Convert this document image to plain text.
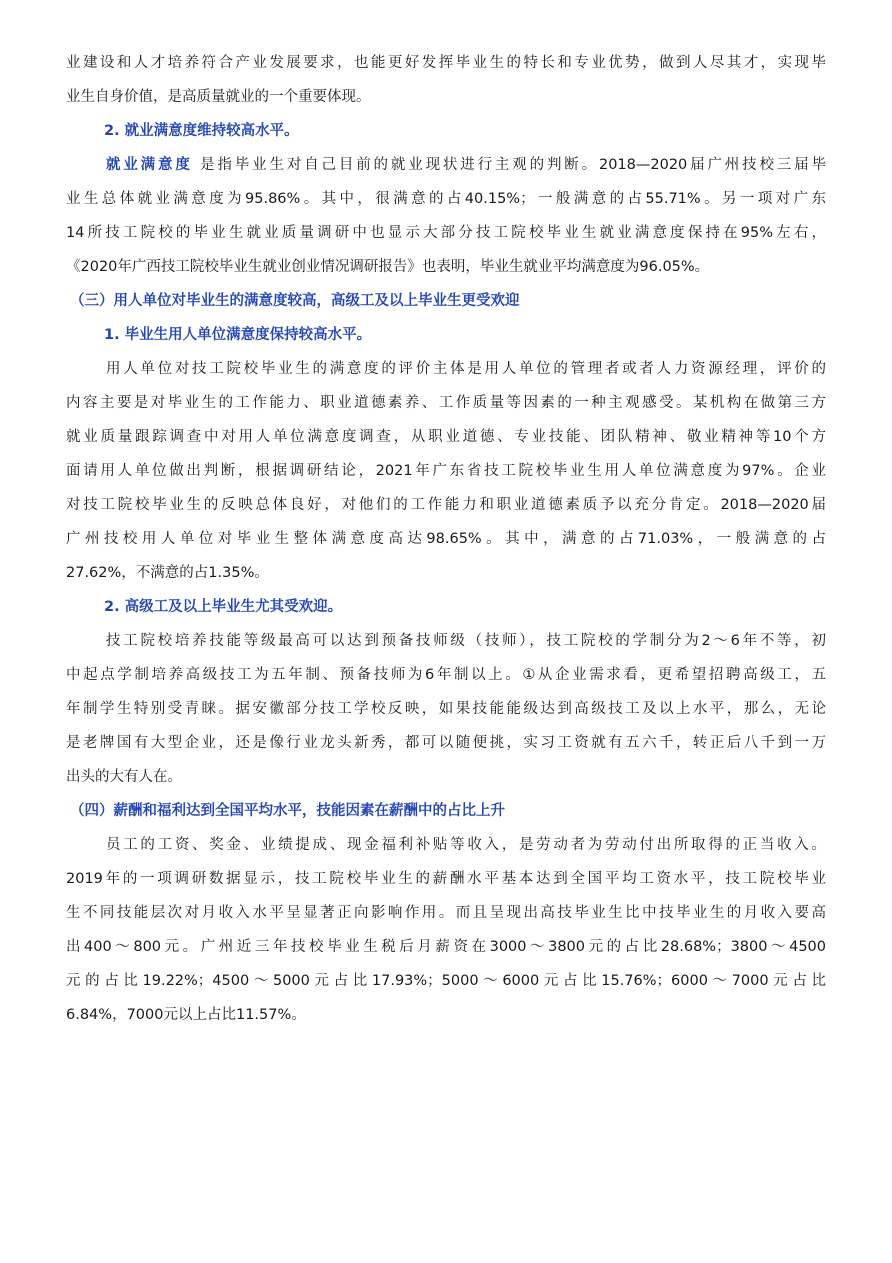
业建设和人才培养符合产业发展要求，也能更好发挥毕业生的特长和专业优势，做到人尽其才，实现毕
业生自身价值，是高质量就业的一个重要体现。
2. 就业满意度维持较高水平。
就业满意度 是指毕业生对自己目前的就业现状进行主观的判断。2018—2020届广州技校三届毕
业生总体就业满意度为95.86%。其中，很满意的占40.15%；一般满意的占55.71%。另一项对广东
14所技工院校的毕业生就业质量调研中也显示大部分技工院校毕业生就业满意度保持在95%左右，
《2020年广西技工院校毕业生就业创业情况调研报告》也表明，毕业生就业平均满意度为96.05%。
（三）用人单位对毕业生的满意度较高，高级工及以上毕业生更受欢迎
1. 毕业生用人单位满意度保持较高水平。
用人单位对技工院校毕业生的满意度的评价主体是用人单位的管理者或者人力资源经理，评价的
内容主要是对毕业生的工作能力、职业道德素养、工作质量等因素的一种主观感受。某机构在做第三方
就业质量跟踪调查中对用人单位满意度调查，从职业道德、专业技能、团队精神、敬业精神等10个方
面请用人单位做出判断，根据调研结论，2021年广东省技工院校毕业生用人单位满意度为97%。企业
对技工院校毕业生的反映总体良好，对他们的工作能力和职业道德素质予以充分肯定。2018—2020届
广州技校用人单位对毕业生整体满意度高达98.65%。其中，满意的占71.03%，一般满意的占
27.62%，不满意的占1.35%。
2. 高级工及以上毕业生尤其受欢迎。
技工院校培养技能等级最高可以达到预备技师级（技师），技工院校的学制分为2～6年不等，初
中起点学制培养高级技工为五年制、预备技师为6年制以上。①从企业需求看，更希望招聘高级工，五
年制学生特别受青睐。据安徽部分技工学校反映，如果技能能级达到高级技工及以上水平，那么，无论
是老牌国有大型企业，还是像行业龙头新秀，都可以随便挑，实习工资就有五六千，转正后八千到一万
出头的大有人在。
（四）薪酬和福利达到全国平均水平，技能因素在薪酬中的占比上升
员工的工资、奖金、业绩提成、现金福利补贴等收入，是劳动者为劳动付出所取得的正当收入。
2019年的一项调研数据显示，技工院校毕业生的薪酬水平基本达到全国平均工资水平，技工院校毕业
生不同技能层次对月收入水平呈显著正向影响作用。而且呈现出高技毕业生比中技毕业生的月收入要高
出400～800元。广州近三年技校毕业生税后月薪资在3000～3800元的占比28.68%；3800～4500
元的占比19.22%；4500～5000元占比17.93%；5000～6000元占比15.76%；6000～7000元占比
6.84%，7000元以上占比11.57%。
